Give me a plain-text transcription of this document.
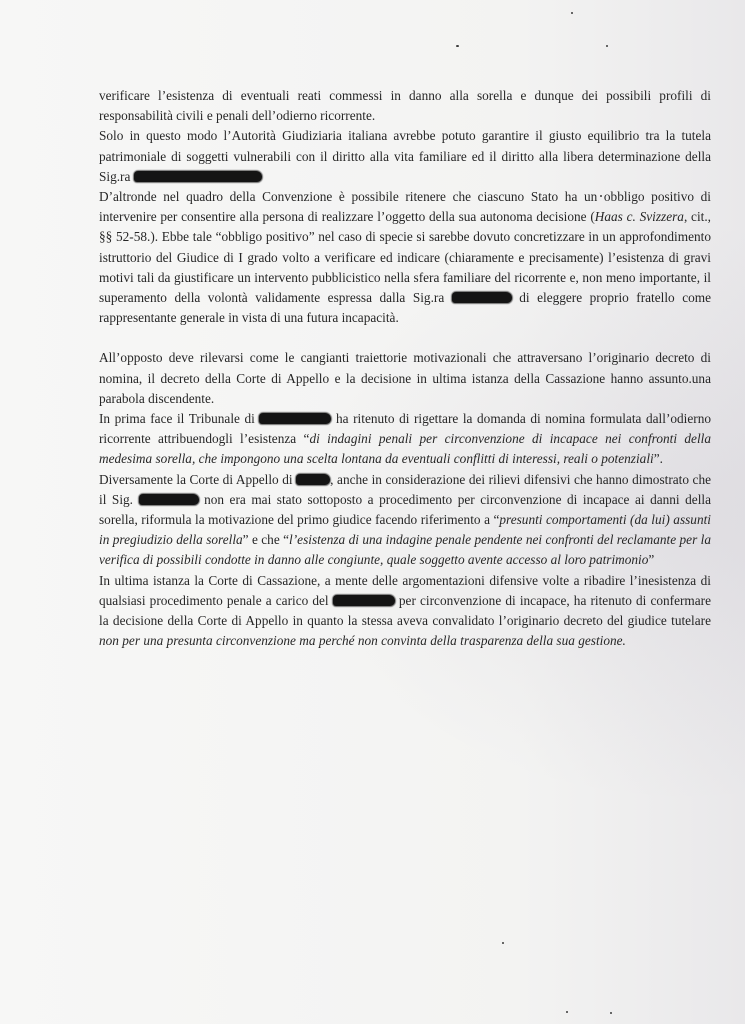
verificare l’esistenza di eventuali reati commessi in danno alla sorella e dunque dei possibili profili di responsabilità civili e penali dell’odierno ricorrente.

Solo in questo modo l’Autorità Giudiziaria italiana avrebbe potuto garantire il giusto equilibrio tra la tutela patrimoniale di soggetti vulnerabili con il diritto alla vita familiare ed il diritto alla libera determinazione della Sig.ra

D’altronde nel quadro della Convenzione è possibile ritenere che ciascuno Stato ha un obbligo positivo di intervenire per consentire alla persona di realizzare l’oggetto della sua autonoma decisione (Haas c. Svizzera, cit., §§ 52-58.). Ebbe tale “obbligo positivo” nel caso di specie si sarebbe dovuto concretizzare in un approfondimento istruttorio del Giudice di I grado volto a verificare ed indicare (chiaramente e precisamente) l’esistenza di gravi motivi tali da giustificare un intervento pubblicistico nella sfera familiare del ricorrente e, non meno importante, il superamento della volontà validamente espressa dalla Sig.ra	di eleggere proprio fratello come rappresentante generale in vista di una futura incapacità.

All’opposto deve rilevarsi come le cangianti traiettorie motivazionali che attraversano l’originario decreto di nomina, il decreto della Corte di Appello e la decisione in ultima istanza della Cassazione hanno assunto.una parabola discendente.

In prima face il Tribunale di	ha ritenuto di rigettare la domanda di nomina formulata dall’odierno ricorrente attribuendogli l’esistenza “di indagini penali per circonvenzione di incapace nei confronti della medesima sorella, che impongono una scelta lontana da eventuali conflitti di interessi, reali o potenziali”.

Diversamente la Corte di Appello di	, anche in considerazione dei rilievi difensivi che hanno dimostrato che il Sig.	non era mai stato sottoposto a procedimento per circonvenzione di incapace ai danni della sorella, riformula la motivazione del primo giudice facendo riferimento a “presunti comportamenti (da lui) assunti in pregiudizio della sorella” e che “l’esistenza di una indagine penale pendente nei confronti del reclamante per la verifica di possibili condotte in danno alle congiunte, quale soggetto avente accesso al loro patrimonio”

In ultima istanza la Corte di Cassazione, a mente delle argomentazioni difensive volte a ribadire l’inesistenza di qualsiasi procedimento penale a carico del	per circonvenzione di incapace, ha ritenuto di confermare la decisione della Corte di Appello in quanto la stessa aveva convalidato l’originario decreto del giudice tutelare non per una presunta circonvenzione ma perché non convinta della trasparenza della sua gestione.
